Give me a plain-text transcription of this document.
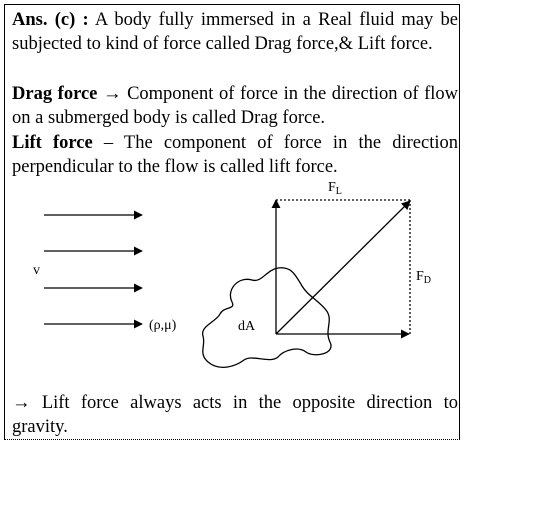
Ans. (c) : A body fully immersed in a Real fluid may be subjected to kind of force called Drag force,& Lift force.

Drag force → Component of force in the direction of flow on a submerged body is called Drag force.

Lift force – The component of force in the direction perpendicular to the flow is called lift force.

→ Lift force always acts in the opposite direction to gravity.

v
(ρ,μ)	dA
$F_L$
$F_D$
